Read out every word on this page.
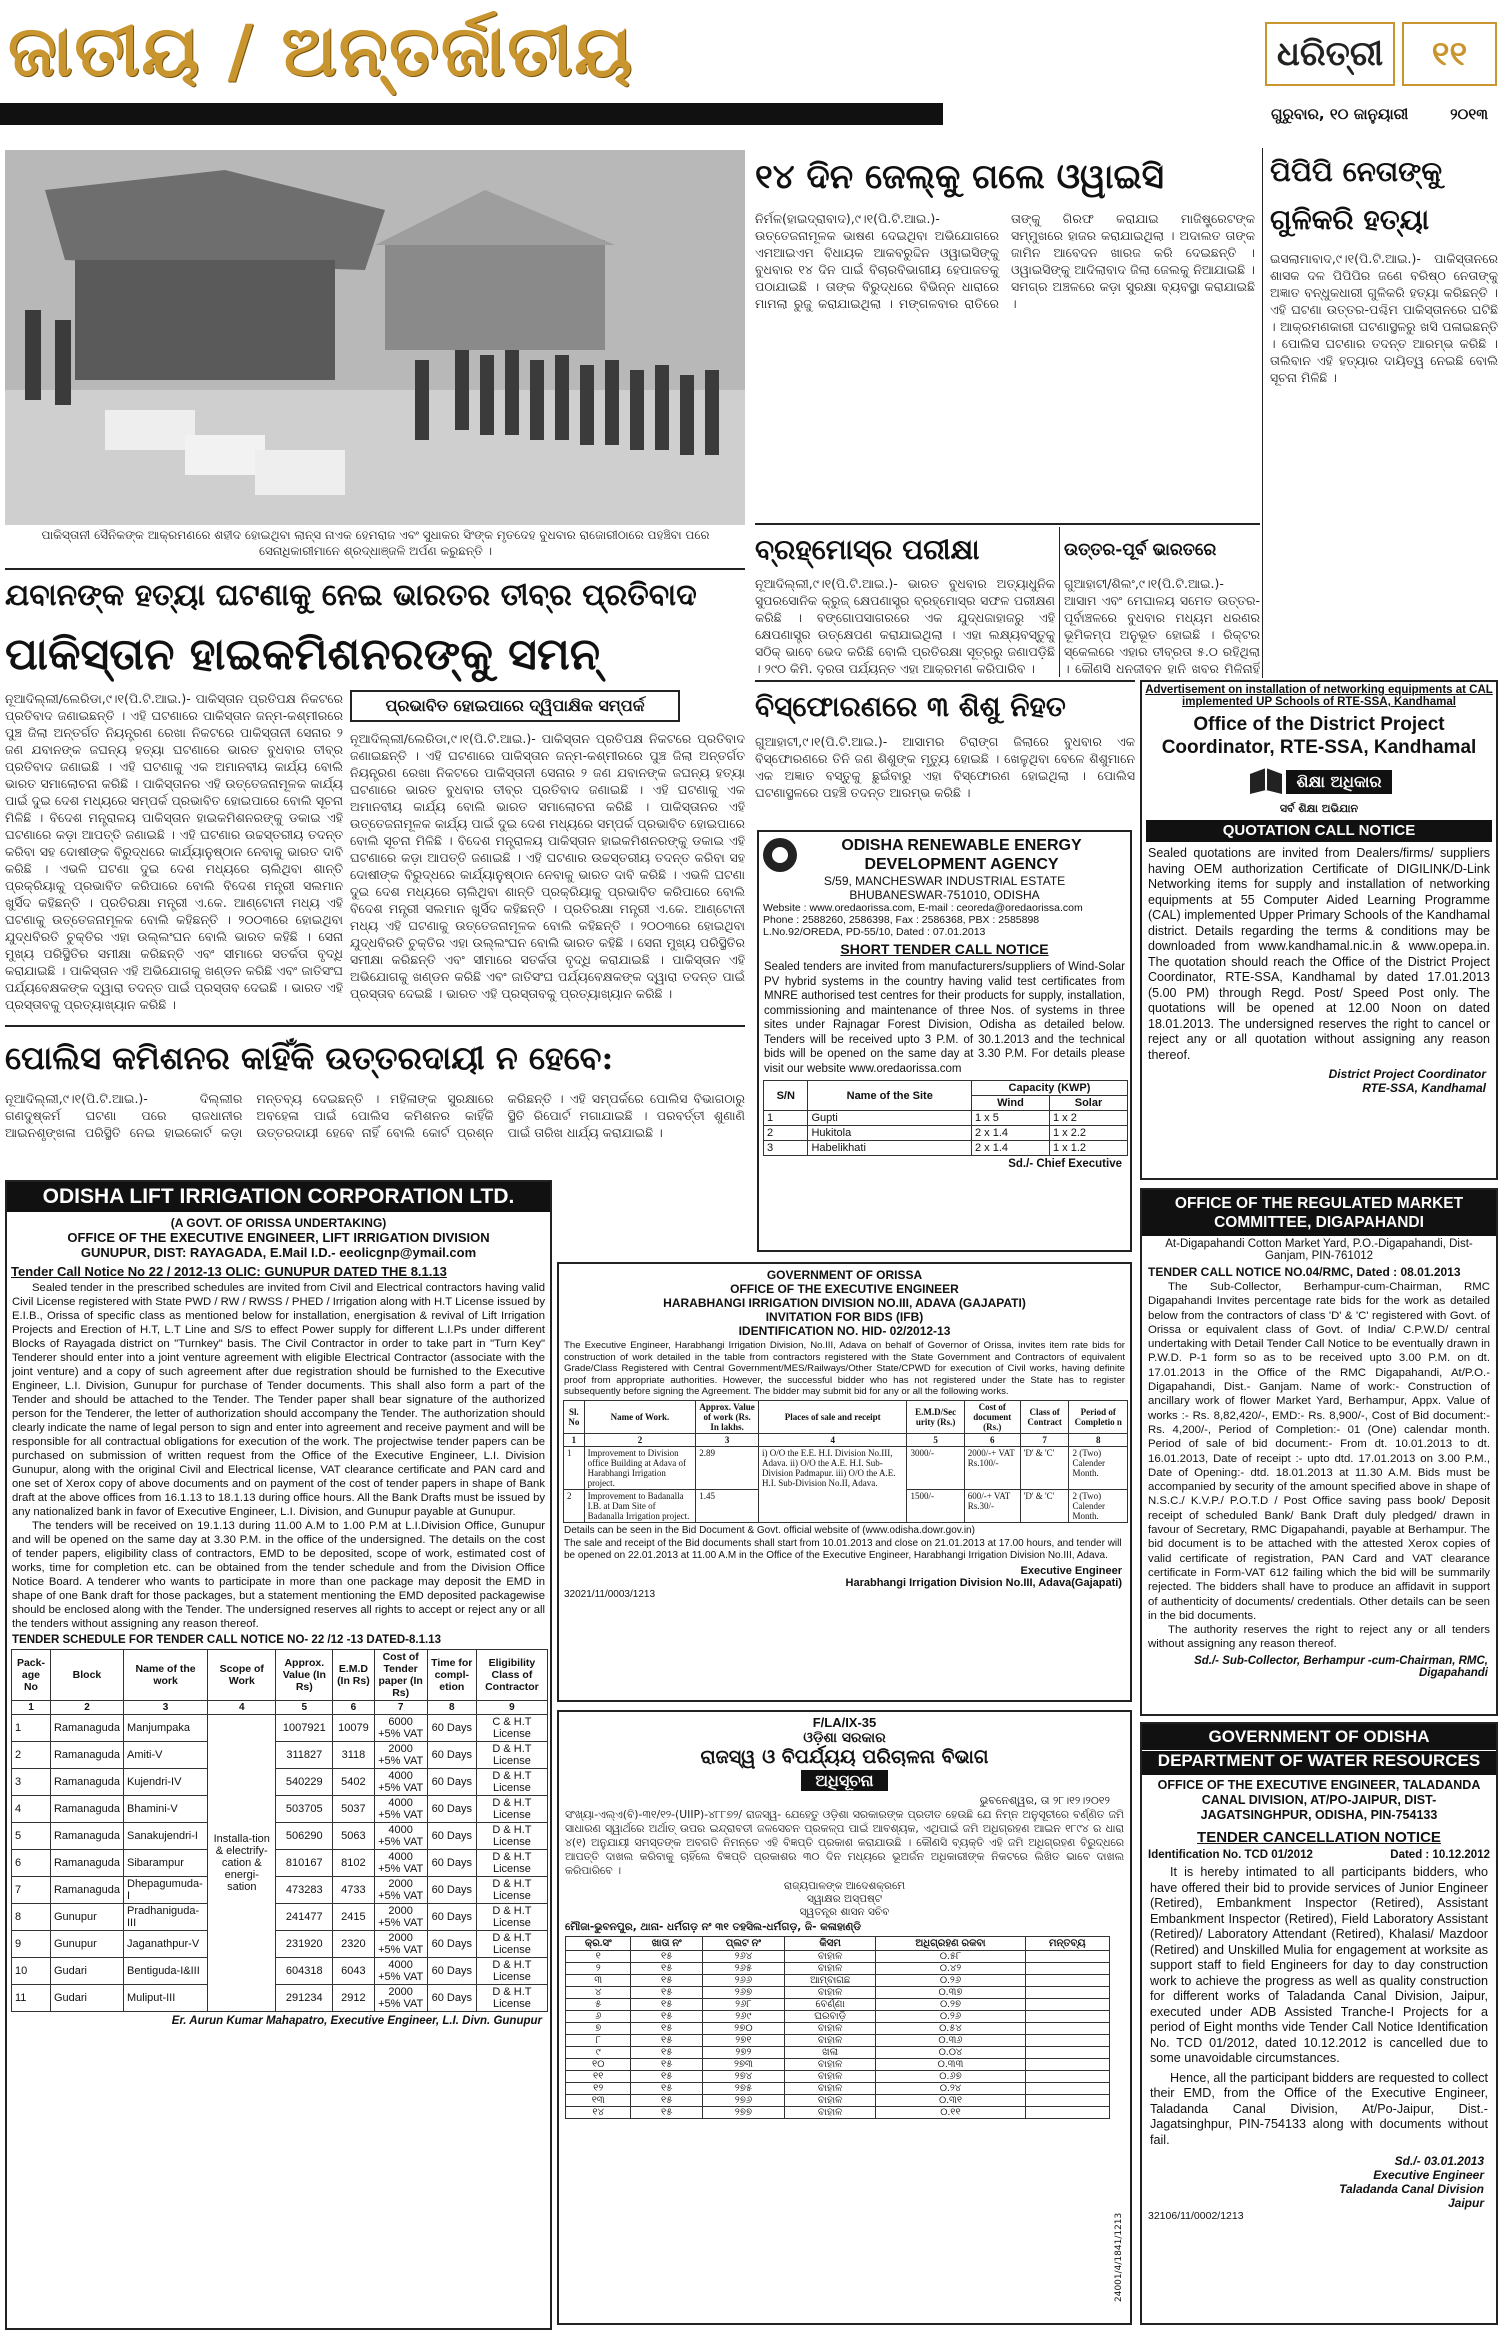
ଜାତୀୟ / ଅନ୍ତର୍ଜାତୀୟ	ଧରିତ୍ରୀ	୧୧
ଗୁରୁବାର, ୧୦ ଜାନୁୟାରୀ	୨୦୧୩
ପାକିସ୍ତାନୀ ସୈନିକଙ୍କ ଆକ୍ରମଣରେ ଶହୀଦ ହୋଇଥିବା ଲାନ୍ସ ନାଏକ ହେମରାଜ ଏବଂ ସୁଧାକର ସିଂଙ୍କ ମୃତଦେହ ବୁଧବାର ରାଜୋରୀଠାରେ ପହଞ୍ଚିବା ପରେ ସେନାଧିକାରୀମାନେ ଶ୍ରଦ୍ଧାଞ୍ଜଳି ଅର୍ପଣ କରୁଛନ୍ତି ।
ଯବାନଙ୍କ ହତ୍ୟା ଘଟଣାକୁ ନେଇ ଭାରତର ତୀବ୍ର ପ୍ରତିବାଦ
ପାକିସ୍ତାନ ହାଇକମିଶନରଙ୍କୁ ସମନ୍
ପ୍ରଭାବିତ ହୋଇପାରେ ଦ୍ୱିପାକ୍ଷିକ ସମ୍ପର୍କ
ନୂଆଦିଲ୍ଲୀ/ଲେରିଡା,୯।୧(ପି.ଟି.ଆଇ.)- ପାକିସ୍ତାନ ପ୍ରତିପକ୍ଷ ନିକଟରେ ପ୍ରତିବାଦ ଜଣାଇଛନ୍ତି । ଏହି ଘଟଣାରେ ପାକିସ୍ତାନ ଜନ୍ମ-କଶ୍ମୀରରେ ପୁଞ୍ଚ ଜିଲା ଅନ୍ତର୍ଗତ ନିୟନ୍ତ୍ରଣ ରେଖା ନିକଟରେ ପାକିସ୍ତାନୀ ସେନାର ୨ ଜଣ ଯବାନଙ୍କ ଜଘନ୍ୟ ହତ୍ୟା ଘଟଣାରେ ଭାରତ ବୁଧବାର ତୀବ୍ର ପ୍ରତିବାଦ ଜଣାଇଛି । ଏହି ଘଟଣାକୁ ଏକ ଅମାନବୀୟ କାର୍ଯ୍ୟ ବୋଲି ଭାରତ ସମାଲୋଚନା କରିଛି । ପାକିସ୍ତାନର ଏହି ଉତ୍ତେଜନାମୂଳକ କାର୍ଯ୍ୟ ପାଇଁ ଦୁଇ ଦେଶ ମଧ୍ୟରେ ସମ୍ପର୍କ ପ୍ରଭାବିତ ହୋଇପାରେ ବୋଲି ସୂଚନା ମିଳିଛି । ବିଦେଶ ମନ୍ତ୍ରାଳୟ ପାକିସ୍ତାନ ହାଇକମିଶନରଙ୍କୁ ଡକାଇ ଏହି ଘଟଣାରେ କଡ଼ା ଆପତ୍ତି ଜଣାଇଛି । ଏହି ଘଟଣାର ଉଚ୍ଚସ୍ତରୀୟ ତଦନ୍ତ କରିବା ସହ ଦୋଷୀଙ୍କ ବିରୁଦ୍ଧରେ କାର୍ଯ୍ୟାନୁଷ୍ଠାନ ନେବାକୁ ଭାରତ ଦାବି କରିଛି । ଏଭଳି ଘଟଣା ଦୁଇ ଦେଶ ମଧ୍ୟରେ ଚାଲିଥିବା ଶାନ୍ତି ପ୍ରକ୍ରିୟାକୁ ପ୍ରଭାବିତ କରିପାରେ ବୋଲି ବିଦେଶ ମନ୍ତ୍ରୀ ସଲମାନ ଖୁର୍ସିଦ କହିଛନ୍ତି । ପ୍ରତିରକ୍ଷା ମନ୍ତ୍ରୀ ଏ.କେ. ଆଣ୍ଟୋନୀ ମଧ୍ୟ ଏହି ଘଟଣାକୁ ଉତ୍ତେଜନାମୂଳକ ବୋଲି କହିଛନ୍ତି । ୨୦୦୩ରେ ହୋଇଥିବା ଯୁଦ୍ଧବିରତି ଚୁକ୍ତିର ଏହା ଉଲ୍ଲଂଘନ ବୋଲି ଭାରତ କହିଛି । ସେନା ମୁଖ୍ୟ ପରିସ୍ଥିତିର ସମୀକ୍ଷା କରିଛନ୍ତି ଏବଂ ସୀମାରେ ସତର୍କତା ବୃଦ୍ଧି କରାଯାଇଛି । ପାକିସ୍ତାନ ଏହି ଅଭିଯୋଗକୁ ଖଣ୍ଡନ କରିଛି ଏବଂ ଜାତିସଂଘ ପର୍ଯ୍ୟବେକ୍ଷକଙ୍କ ଦ୍ୱାରା ତଦନ୍ତ ପାଇଁ ପ୍ରସ୍ତାବ ଦେଇଛି । ଭାରତ ଏହି ପ୍ରସ୍ତାବକୁ ପ୍ରତ୍ୟାଖ୍ୟାନ କରିଛି ।
ନୂଆଦିଲ୍ଲୀ/ଲେରିଡା,୯।୧(ପି.ଟି.ଆଇ.)- ପାକିସ୍ତାନ ପ୍ରତିପକ୍ଷ ନିକଟରେ ପ୍ରତିବାଦ ଜଣାଇଛନ୍ତି । ଏହି ଘଟଣାରେ ପାକିସ୍ତାନ ଜନ୍ମ-କଶ୍ମୀରରେ ପୁଞ୍ଚ ଜିଲା ଅନ୍ତର୍ଗତ ନିୟନ୍ତ୍ରଣ ରେଖା ନିକଟରେ ପାକିସ୍ତାନୀ ସେନାର ୨ ଜଣ ଯବାନଙ୍କ ଜଘନ୍ୟ ହତ୍ୟା ଘଟଣାରେ ଭାରତ ବୁଧବାର ତୀବ୍ର ପ୍ରତିବାଦ ଜଣାଇଛି । ଏହି ଘଟଣାକୁ ଏକ ଅମାନବୀୟ କାର୍ଯ୍ୟ ବୋଲି ଭାରତ ସମାଲୋଚନା କରିଛି । ପାକିସ୍ତାନର ଏହି ଉତ୍ତେଜନାମୂଳକ କାର୍ଯ୍ୟ ପାଇଁ ଦୁଇ ଦେଶ ମଧ୍ୟରେ ସମ୍ପର୍କ ପ୍ରଭାବିତ ହୋଇପାରେ ବୋଲି ସୂଚନା ମିଳିଛି । ବିଦେଶ ମନ୍ତ୍ରାଳୟ ପାକିସ୍ତାନ ହାଇକମିଶନରଙ୍କୁ ଡକାଇ ଏହି ଘଟଣାରେ କଡ଼ା ଆପତ୍ତି ଜଣାଇଛି । ଏହି ଘଟଣାର ଉଚ୍ଚସ୍ତରୀୟ ତଦନ୍ତ କରିବା ସହ ଦୋଷୀଙ୍କ ବିରୁଦ୍ଧରେ କାର୍ଯ୍ୟାନୁଷ୍ଠାନ ନେବାକୁ ଭାରତ ଦାବି କରିଛି । ଏଭଳି ଘଟଣା ଦୁଇ ଦେଶ ମଧ୍ୟରେ ଚାଲିଥିବା ଶାନ୍ତି ପ୍ରକ୍ରିୟାକୁ ପ୍ରଭାବିତ କରିପାରେ ବୋଲି ବିଦେଶ ମନ୍ତ୍ରୀ ସଲମାନ ଖୁର୍ସିଦ କହିଛନ୍ତି । ପ୍ରତିରକ୍ଷା ମନ୍ତ୍ରୀ ଏ.କେ. ଆଣ୍ଟୋନୀ ମଧ୍ୟ ଏହି ଘଟଣାକୁ ଉତ୍ତେଜନାମୂଳକ ବୋଲି କହିଛନ୍ତି । ୨୦୦୩ରେ ହୋଇଥିବା ଯୁଦ୍ଧବିରତି ଚୁକ୍ତିର ଏହା ଉଲ୍ଲଂଘନ ବୋଲି ଭାରତ କହିଛି । ସେନା ମୁଖ୍ୟ ପରିସ୍ଥିତିର ସମୀକ୍ଷା କରିଛନ୍ତି ଏବଂ ସୀମାରେ ସତର୍କତା ବୃଦ୍ଧି କରାଯାଇଛି । ପାକିସ୍ତାନ ଏହି ଅଭିଯୋଗକୁ ଖଣ୍ଡନ କରିଛି ଏବଂ ଜାତିସଂଘ ପର୍ଯ୍ୟବେକ୍ଷକଙ୍କ ଦ୍ୱାରା ତଦନ୍ତ ପାଇଁ ପ୍ରସ୍ତାବ ଦେଇଛି । ଭାରତ ଏହି ପ୍ରସ୍ତାବକୁ ପ୍ରତ୍ୟାଖ୍ୟାନ କରିଛି ।
ପୋଲିସ କମିଶନର କାହିଁକି ଉତ୍ତରଦାୟୀ ନ ହେବେ:
ନୂଆଦିଲ୍ଲୀ,୯।୧(ପି.ଟି.ଆଇ.)- ଦିଲ୍ଲୀର ଗଣଦୁଷ୍କର୍ମ ଘଟଣା ପରେ ରାଜଧାନୀର ଆଇନଶୃଙ୍ଖଳା ପରିସ୍ଥିତି ନେଇ ହାଇକୋର୍ଟ କଡ଼ା ମନ୍ତବ୍ୟ ଦେଇଛନ୍ତି । ମହିଳାଙ୍କ ସୁରକ୍ଷାରେ ଅବହେଳା ପାଇଁ ପୋଲିସ କମିଶନର କାହିଁକି ଉତ୍ତରଦାୟୀ ହେବେ ନାହିଁ ବୋଲି କୋର୍ଟ ପ୍ରଶ୍ନ କରିଛନ୍ତି । ଏହି ସମ୍ପର୍କରେ ପୋଲିସ ବିଭାଗଠାରୁ ସ୍ଥିତି ରିପୋର୍ଟ ମଗାଯାଇଛି । ପରବର୍ତ୍ତୀ ଶୁଣାଣି ପାଇଁ ତାରିଖ ଧାର୍ଯ୍ୟ କରାଯାଇଛି ।
ODISHA LIFT IRRIGATION CORPORATION LTD.
(A GOVT. OF ORISSA UNDERTAKING)
OFFICE OF THE EXECUTIVE ENGINEER, LIFT IRRIGATION DIVISION
GUNUPUR, DIST: RAYAGADA, E.Mail I.D.- eeolicgnp@ymail.com
Tender Call Notice No 22 / 2012-13 OLIC: GUNUPUR DATED THE 8.1.13
Sealed tender in the prescribed schedules are invited from Civil and Electrical contractors having valid Civil License registered with State PWD / RW / RWSS / PHED / Irrigation along with H.T License issued by E.I.B., Orissa of specific class as mentioned below for installation, energisation & revival of Lift Irrigation Projects and Erection of H.T, L.T Line and S/S to effect Power supply for different L.I.Ps under different Blocks of Rayagada district on "Turnkey" basis. The Civil Contractor in order to take part in "Turn Key" Tenderer should enter into a joint venture agreement with eligible Electrical Contractor (associate with the joint venture) and a copy of such agreement after due registration should be furnished to the Executive Engineer, L.I. Division, Gunupur for purchase of Tender documents. This shall also form a part of the Tender and should be attached to the Tender. The Tender paper shall bear signature of the authorized person for the Tenderer, the letter of authorization should accompany the Tender. The authorization should clearly indicate the name of legal person to sign and enter into agreement and receive payment and will be responsible for all contractual obligations for execution of the work. The projectwise tender papers can be purchased on submission of written request from the Office of the Executive Engineer, L.I. Division Gunupur, along with the original Civil and Electrical license, VAT clearance certificate and PAN card and one set of Xerox copy of above documents and on payment of the cost of tender papers in shape of Bank draft at the above offices from 16.1.13 to 18.1.13 during office hours. All the Bank Drafts must be issued by any nationalized bank in favor of Executive Engineer, L.I. Division, and Gunupur payable at Gunupur.
The tenders will be received on 19.1.13 during 11.00 A.M to 1.00 P.M at L.I.Division Office, Gunupur and will be opened on the same day at 3.30 P.M. in the office of the undersigned. The details on the cost of tender papers, eligibility class of contractors, EMD to be deposited, scope of work, estimated cost of works, time for completion etc. can be obtained from the tender schedule and from the Division Office Notice Board. A tenderer who wants to participate in more than one package may deposit the EMD in shape of one Bank draft for those packages, but a statement mentioning the EMD deposited packagewise should be enclosed along with the Tender. The undersigned reserves all rights to accept or reject any or all the tenders without assigning any reason thereof.
TENDER SCHEDULE FOR TENDER CALL NOTICE NO- 22 /12 -13 DATED-8.1.13
Pack-age No	Block	Name of the work	Scope of Work	Approx. Value (In Rs)	E.M.D (In Rs)	Cost of Tender paper (In Rs)	Time for compl-etion	Eligibility Class of Contractor
1	2	3	4	5	6	7	8	9
1	Ramanaguda	Manjumpaka	Installa-tion & electrify-cation & energi-sation	1007921	10079	6000 +5% VAT	60 Days	C & H.T License
2	Ramanaguda	Amiti-V		311827	3118	2000 +5% VAT	60 Days	D & H.T License
3	Ramanaguda	Kujendri-IV		540229	5402	4000 +5% VAT	60 Days	D & H.T License
4	Ramanaguda	Bhamini-V		503705	5037	4000 +5% VAT	60 Days	D & H.T License
5	Ramanaguda	Sanakujendri-I		506290	5063	4000 +5% VAT	60 Days	D & H.T License
6	Ramanaguda	Sibarampur		810167	8102	4000 +5% VAT	60 Days	D & H.T License
7	Ramanaguda	Dhepagumuda-I		473283	4733	2000 +5% VAT	60 Days	D & H.T License
8	Gunupur	Pradhaniguda-III		241477	2415	2000 +5% VAT	60 Days	D & H.T License
9	Gunupur	Jaganathpur-V		231920	2320	2000 +5% VAT	60 Days	D & H.T License
10	Gudari	Bentiguda-I&III		604318	6043	4000 +5% VAT	60 Days	D & H.T License
11	Gudari	Muliput-III		291234	2912	2000 +5% VAT	60 Days	D & H.T License
Er. Aurun Kumar Mahapatro, Executive Engineer, L.I. Divn. Gunupur
୧୪ ଦିନ ଜେଲ୍‌କୁ ଗଲେ ଓୱାଇସି
ନିର୍ମଳ(ହାଇଦ୍ରାବାଦ),୯।୧(ପି.ଟି.ଆଇ.)- ଉତ୍ତେଜନାମୂଳକ ଭାଷଣ ଦେଇଥିବା ଅଭିଯୋଗରେ ଏମଆଇଏମ ବିଧାୟକ ଆକବରୁଦ୍ଦିନ ଓୱାଇସିଙ୍କୁ ବୁଧବାର ୧୪ ଦିନ ପାଇଁ ବିଚାରବିଭାଗୀୟ ହେପାଜତକୁ ପଠାଯାଇଛି । ତାଙ୍କ ବିରୁଦ୍ଧରେ ବିଭିନ୍ନ ଧାରାରେ ମାମଲା ରୁଜୁ କରାଯାଇଥିଲା । ମଙ୍ଗଳବାର ରାତିରେ ତାଙ୍କୁ ଗିରଫ କରାଯାଇ ମାଜିଷ୍ଟ୍ରେଟଙ୍କ ସମ୍ମୁଖରେ ହାଜର କରାଯାଇଥିଲା । ଅଦାଲତ ତାଙ୍କ ଜାମିନ ଆବେଦନ ଖାରଜ କରି ଦେଇଛନ୍ତି । ଓୱାଇସିଙ୍କୁ ଆଦିଲାବାଦ ଜିଲା ଜେଲକୁ ନିଆଯାଇଛି । ସମଗ୍ର ଅଞ୍ଚଳରେ କଡ଼ା ସୁରକ୍ଷା ବ୍ୟବସ୍ଥା କରାଯାଇଛି ।
ପିପିପି ନେତାଙ୍କୁ ଗୁଳିକରି ହତ୍ୟା
ଇସଲାମାବାଦ,୯।୧(ପି.ଟି.ଆଇ.)- ପାକିସ୍ତାନରେ ଶାସକ ଦଳ ପିପିପିର ଜଣେ ବରିଷ୍ଠ ନେତାଙ୍କୁ ଅଜ୍ଞାତ ବନ୍ଧୁକଧାରୀ ଗୁଳିକରି ହତ୍ୟା କରିଛନ୍ତି । ଏହି ଘଟଣା ଉତ୍ତର-ପଶ୍ଚିମ ପାକିସ୍ତାନରେ ଘଟିଛି । ଆକ୍ରମଣକାରୀ ଘଟଣାସ୍ଥଳରୁ ଖସି ପଳାଇଛନ୍ତି । ପୋଲିସ ଘଟଣାର ତଦନ୍ତ ଆରମ୍ଭ କରିଛି । ତାଲିବାନ ଏହି ହତ୍ୟାର ଦାୟିତ୍ୱ ନେଇଛି ବୋଲି ସୂଚନା ମିଳିଛି ।
ବ୍ରହ୍ମୋସ୍‌ର ପରୀକ୍ଷା
ନୂଆଦିଲ୍ଲୀ,୯।୧(ପି.ଟି.ଆଇ.)- ଭାରତ ବୁଧବାର ଅତ୍ୟାଧୁନିକ ସୁପରସୋନିକ କ୍ରୁଜ୍ କ୍ଷେପଣାସ୍ତ୍ର ବ୍ରହ୍ମୋସ୍‌ର ସଫଳ ପରୀକ୍ଷଣ କରିଛି । ବଙ୍ଗୋପସାଗରରେ ଏକ ଯୁଦ୍ଧଜାହାଜରୁ ଏହି କ୍ଷେପଣାସ୍ତ୍ର ଉତ୍କ୍ଷେପଣ କରାଯାଇଥିଲା । ଏହା ଲକ୍ଷ୍ୟବସ୍ତୁକୁ ସଠିକ୍ ଭାବେ ଭେଦ କରିଛି ବୋଲି ପ୍ରତିରକ୍ଷା ସୂତ୍ରରୁ ଜଣାପଡ଼ିଛି । ୨୯୦ କିମି. ଦୂରତା ପର୍ଯ୍ୟନ୍ତ ଏହା ଆକ୍ରମଣ କରିପାରିବ ।
ଉତ୍ତର-ପୂର୍ବ ଭାରତରେ
ଗୁଆହାଟୀ/ଶିଲଂ,୯।୧(ପି.ଟି.ଆଇ.)- ଆସାମ ଏବଂ ମେଘାଳୟ ସମେତ ଉତ୍ତର-ପୂର୍ବାଞ୍ଚଳରେ ବୁଧବାର ମଧ୍ୟମ ଧରଣର ଭୂମିକମ୍ପ ଅନୁଭୂତ ହୋଇଛି । ରିକ୍ଟର ସ୍କେଲରେ ଏହାର ତୀବ୍ରତା ୫.୦ ରହିଥିଲା । କୌଣସି ଧନଜୀବନ ହାନି ଖବର ମିଳିନାହିଁ
ବିସ୍ଫୋରଣରେ ୩ ଶିଶୁ ନିହତ
ଗୁଆହାଟୀ,୯।୧(ପି.ଟି.ଆଇ.)- ଆସାମର ଚିରାଙ୍ଗ ଜିଲାରେ ବୁଧବାର ଏକ ବିସ୍ଫୋରଣରେ ତିନି ଜଣ ଶିଶୁଙ୍କ ମୃତ୍ୟୁ ହୋଇଛି । ଖେଳୁଥିବା ବେଳେ ଶିଶୁମାନେ ଏକ ଅଜ୍ଞାତ ବସ୍ତୁକୁ ଛୁଇଁବାରୁ ଏହା ବିସ୍ଫୋରଣ ହୋଇଥିଲା । ପୋଲିସ ଘଟଣାସ୍ଥଳରେ ପହଞ୍ଚି ତଦନ୍ତ ଆରମ୍ଭ କରିଛି ।
ODISHA RENEWABLE ENERGY DEVELOPMENT AGENCY
S/59, MANCHESWAR INDUSTRIAL ESTATE
BHUBANESWAR-751010, ODISHA
Website : www.oredaorissa.com, E-mail : ceoreda@oredaorissa.com
Phone : 2588260, 2586398, Fax : 2586368, PBX : 2585898
L.No.92/OREDA, PD-55/10, Dated : 07.01.2013
SHORT TENDER CALL NOTICE
Sealed tenders are invited from manufacturers/suppliers of Wind-Solar PV hybrid systems in the country having valid test certificates from MNRE authorised test centres for their products for supply, installation, commissioning and maintenance of three Nos. of systems in three sites under Rajnagar Forest Division, Odisha as detailed below. Tenders will be received upto 3 P.M. of 30.1.2013 and the technical bids will be opened on the same day at 3.30 P.M. For details please visit our website www.oredaorissa.com
S/N	Name of the Site	Capacity (KWP)	
		Wind	Solar
1	Gupti	1 x 5	1 x 2
2	Hukitola	2 x 1.4	1 x 2.2
3	Habelikhati	2 x 1.4	1 x 1.2
Sd./- Chief Executive
Advertisement on installation of networking equipments at CAL implemented UP Schools of RTE-SSA, Kandhamal
Office of the District Project Coordinator, RTE-SSA, Kandhamal
ଶିକ୍ଷା ଅଧିକାର
ସର୍ବ ଶିକ୍ଷା ଅଭିଯାନ
QUOTATION CALL NOTICE
Sealed quotations are invited from Dealers/firms/ suppliers having OEM authorization Certificate of DIGILINK/D-Link Networking items for supply and installation of networking equipments at 55 Computer Aided Learning Programme (CAL) implemented Upper Primary Schools of the Kandhamal district. Details regarding the terms & conditions may be downloaded from www.kandhamal.nic.in & www.opepa.in. The quotation should reach the Office of the District Project Coordinator, RTE-SSA, Kandhamal by dated 17.01.2013 (5.00 PM) through Regd. Post/ Speed Post only. The quotations will be opened at 12.00 Noon on dated 18.01.2013. The undersigned reserves the right to cancel or reject any or all quotation without assigning any reason thereof.
District Project Coordinator
RTE-SSA, Kandhamal
OFFICE OF THE REGULATED MARKET COMMITTEE, DIGAPAHANDI
At-Digapahandi Cotton Market Yard, P.O.-Digapahandi, Dist-Ganjam, PIN-761012
TENDER CALL NOTICE NO.04/RMC, Dated : 08.01.2013
The Sub-Collector, Berhampur-cum-Chairman, RMC Digapahandi Invites percentage rate bids for the work as detailed below from the contractors of class 'D' & 'C' registered with Govt. of Orissa or equivalent class of Govt. of India/ C.P.W.D/ central undertaking with Detail Tender Call Notice to be eventually drawn in P.W.D. P-1 form so as to be received upto 3.00 P.M. on dt. 17.01.2013 in the Office of the RMC Digapahandi, At/P.O.- Digapahandi, Dist.- Ganjam. Name of work:- Construction of ancillary work of flower Market Yard, Berhampur, Appx. Value of works :- Rs. 8,82,420/-, EMD:- Rs. 8,900/-, Cost of Bid document:- Rs. 4,200/-, Period of Completion:- 01 (One) calendar month. Period of sale of bid document:- From dt. 10.01.2013 to dt. 16.01.2013, Date of receipt :- upto dtd. 17.01.2013 on 3.00 P.M., Date of Opening:- dtd. 18.01.2013 at 11.30 A.M. Bids must be accompanied by security of the amount specified above in shape of N.S.C./ K.V.P./ P.O.T.D / Post Office saving pass book/ Deposit receipt of scheduled Bank/ Bank Draft duly pledged/ drawn in favour of Secretary, RMC Digapahandi, payable at Berhampur. The bid document is to be attached with the attested Xerox copies of valid certificate of registration, PAN Card and VAT clearance certificate in Form-VAT 612 failing which the bid will be summarily rejected. The bidders shall have to produce an affidavit in support of authenticity of documents/ credentials. Other details can be seen in the bid documents.
The authority reserves the right to reject any or all tenders without assigning any reason thereof.
Sd./- Sub-Collector, Berhampur -cum-Chairman, RMC, Digapahandi
GOVERNMENT OF ORISSA
OFFICE OF THE EXECUTIVE ENGINEER
HARABHANGI IRRIGATION DIVISION NO.III, ADAVA (GAJAPATI)
INVITATION FOR BIDS (IFB)
IDENTIFICATION NO. HID- 02/2012-13
The Executive Engineer, Harabhangi Irrigation Division, No.III, Adava on behalf of Governor of Orissa, invites item rate bids for construction of work detailed in the table from contractors registered with the State Government and Contractors of equivalent Grade/Class Registered with Central Government/MES/Railways/Other State/CPWD for execution of Civil works, having definite proof from appropriate authorities. However, the successful bidder who has not registered under the State has to register subsequently before signing the Agreement. The bidder may submit bid for any or all the following works.
Sl. No	Name of Work.	Approx. Value of work (Rs. In lakhs.	Places of sale and receipt	E.M.D/Sec urity (Rs.)	Cost of document (Rs.)	Class of Contract	Period of Completio n
1	2	3	4	5	6	7	8
1	Improvement to Division office Building at Adava of Harabhangi Irrigation project.	2.89	i) O/O the E.E. H.I. Division No.III, Adava. ii) O/O the A.E. H.I. Sub-Division Padmapur. iii) O/O the A.E. H.I. Sub-Division No.II, Adava.	3000/-	2000/-+ VAT Rs.100/-	'D' & 'C'	2 (Two) Calender Month.
2	Improvement to Badanalla I.B. at Dam Site of Badanalla Irrigation project.	1.45		1500/-	600/-+ VAT Rs.30/-	'D' & 'C'	2 (Two) Calender Month.
Details can be seen in the Bid Document & Govt. official website of (www.odisha.dowr.gov.in)
The sale and receipt of the Bid documents shall start from 10.01.2013 and close on 21.01.2013 at 17.00 hours, and tender will be opened on 22.01.2013 at 11.00 A.M in the Office of the Executive Engineer, Harabhangi Irrigation Division No.III, Adava.
Executive Engineer
Harabhangi Irrigation Division No.III, Adava(Gajapati)
32021/11/0003/1213
F/LA/IX-35
ଓଡ଼ିଶା ସରକାର
ରାଜସ୍ୱ ଓ ବିପର୍ଯ୍ୟୟ ପରିଚାଳନା ବିଭାଗ
ଅଧିସୂଚନା
ଭୁବନେଶ୍ୱର, ତା ୨୮।୧୨।୨୦୧୨
ସଂଖ୍ୟା-ଏଲ୍‌ଏ(ବି)-୩୧/୧୨-(UIIP)-୪୮୮୭୨/ ରାଜସ୍ୱ- ଯେହେତୁ ଓଡ଼ିଶା ସରକାରଙ୍କ ପ୍ରତୀତ ହେଉଛି ଯେ ନିମ୍ନ ଅନୁସୂଚୀରେ ବର୍ଣ୍ଣିତ ଜମି ସାଧାରଣ ସ୍ୱାର୍ଥରେ ଅର୍ଥାତ୍ ଉପର ଇନ୍ଦ୍ରାବତୀ ଜଳସେଚନ ପ୍ରକଳ୍ପ ପାଇଁ ଆବଶ୍ୟକ, ଏଥିପାଇଁ ଜମି ଅଧିଗ୍ରହଣ ଆଇନ ୧୮୯୪ ର ଧାରା ୪(୧) ଅନୁଯାୟୀ ସମସ୍ତଙ୍କ ଅବଗତି ନିମନ୍ତେ ଏହି ବିଜ୍ଞପ୍ତି ପ୍ରକାଶ କରାଯାଉଛି । କୌଣସି ବ୍ୟକ୍ତି ଏହି ଜମି ଅଧିଗ୍ରହଣ ବିରୁଦ୍ଧରେ ଆପତ୍ତି ଦାଖଲ କରିବାକୁ ଚାହିଁଲେ ବିଜ୍ଞପ୍ତି ପ୍ରକାଶର ୩୦ ଦିନ ମଧ୍ୟରେ ଭୂଅର୍ଜନ ଅଧିକାରୀଙ୍କ ନିକଟରେ ଲିଖିତ ଭାବେ ଦାଖଲ କରିପାରିବେ ।
ରାଜ୍ୟପାଳଙ୍କ ଆଦେଶକ୍ରମେ
ସ୍ୱାକ୍ଷର ଅସ୍ପଷ୍ଟ
ସ୍ୱତନ୍ତ୍ର ଶାସନ ସଚିବ
ମୌଜା-ଭୁବନପୁର, ଥାନା- ଧର୍ମଗଡ଼ ନଂ ୩୧ ତହସିଲ-ଧର୍ମଗଡ଼, ଜି- କଳାହାଣ୍ଡି
କ୍ର.ସଂ	ଖାତା ନଂ	ପ୍ଲଟ ନଂ	କିସମ	ଅଧିଗ୍ରହଣ ରକବା	ମନ୍ତବ୍ୟ
୧	୧୫	୨୬୪	ବାହାଳ	୦.୫୮	
୨	୧୫	୨୬୫	ବାହାଳ	୦.୪୨	
୩	୧୫	୨୬୬	ଆମ୍ବାଗଛ	୦.୨୬	
୪	୧୫	୨୬୭	ବାହାଳ	୦.୩୭	
୫	୧୫	୨୬୮	ବେର୍ଣ୍ଣା	୦.୨୭	
୬	୧୫	୨୬୯	ଘରବାଡ଼ି	୦.୨୬	
୭	୧୫	୨୭୦	ବାହାଳ	୦.୫୪	
୮	୧୫	୨୭୧	ବାହାଳ	୦.୩୬	
୯	୧୫	୨୭୨	ଖଳା	୦.୦୪	
୧୦	୧୫	୨୭୩	ବାହାଳ	୦.୩୩	
୧୧	୧୫	୨୭୪	ବାହାଳ	୦.୬୭	
୧୨	୧୫	୨୭୫	ବାହାଳ	୦.୨୪	
୧୩	୧୫	୨୭୬	ବାହାଳ	୦.୩୧	
୧୪	୧୫	୨୭୭	ବାହାଳ	୦.୧୧	
24001/4/1841/1213
GOVERNMENT OF ODISHA
DEPARTMENT OF WATER RESOURCES
OFFICE OF THE EXECUTIVE ENGINEER, TALADANDA CANAL DIVISION, AT/PO-JAIPUR, DIST-JAGATSINGHPUR, ODISHA, PIN-754133
TENDER CANCELLATION NOTICE
Identification No. TCD 01/2012	Dated : 10.12.2012
It is hereby intimated to all participants bidders, who have offered their bid to provide services of Junior Engineer (Retired), Embankment Inspector (Retired), Assistant Embankment Inspector (Retired), Field Laboratory Assistant (Retired)/ Laboratory Attendant (Retired), Khalasi/ Mazdoor (Retired) and Unskilled Mulia for engagement at worksite as support staff to field Engineers for day to day construction work to achieve the progress as well as quality construction for different works of Taladanda Canal Division, Jaipur, executed under ADB Assisted Tranche-I Projects for a period of Eight months vide Tender Call Notice Identification No. TCD 01/2012, dated 10.12.2012 is cancelled due to some unavoidable circumstances.
Hence, all the participant bidders are requested to collect their EMD, from the Office of the Executive Engineer, Taladanda Canal Division, At/Po-Jaipur, Dist.- Jagatsinghpur, PIN-754133 along with documents without fail.
Sd./- 03.01.2013
Executive Engineer
Taladanda Canal Division
Jaipur
32106/11/0002/1213
